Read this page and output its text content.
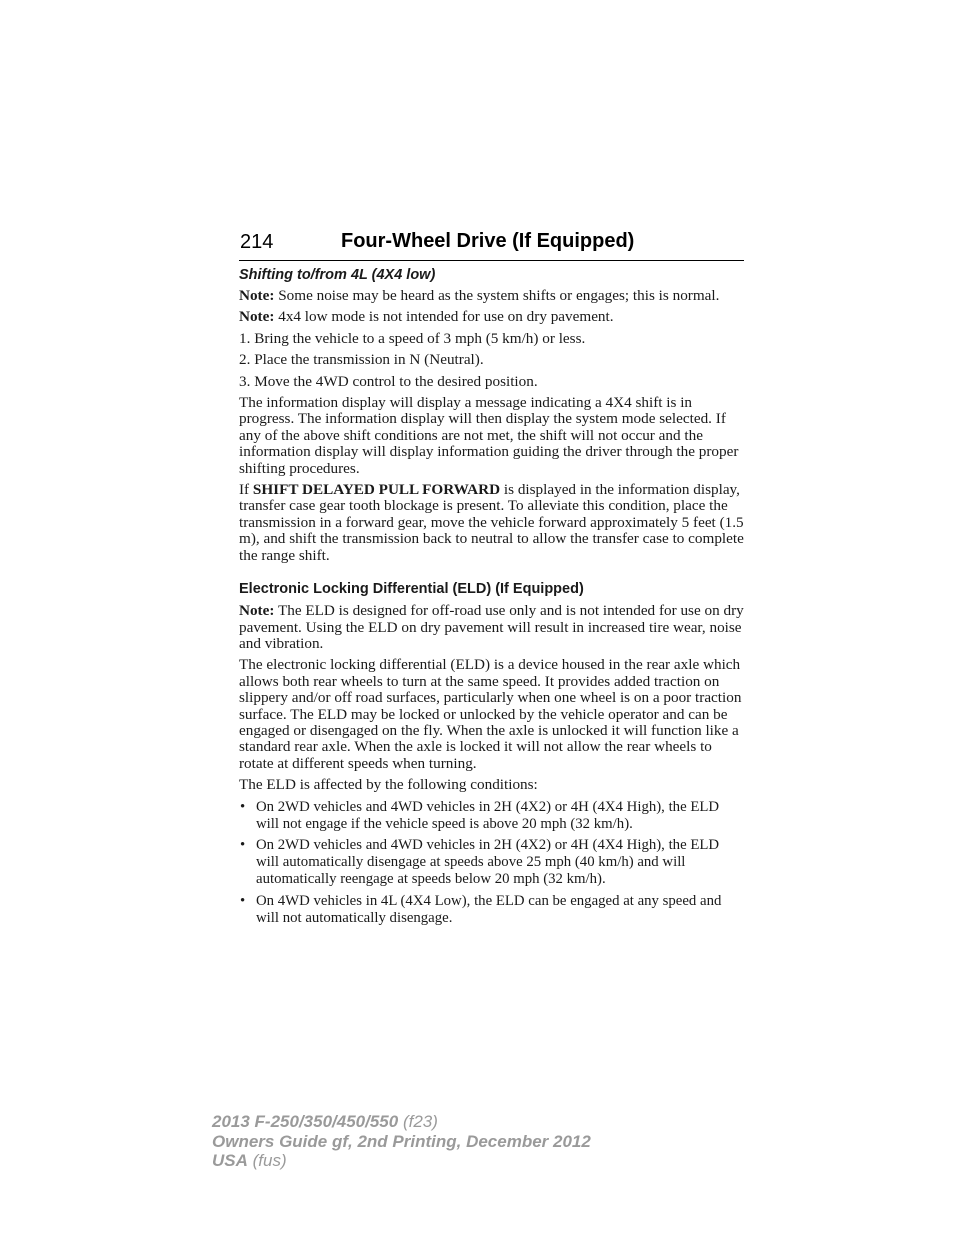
214	Four-Wheel Drive (If Equipped)
Shifting to/from 4L (4X4 low)

Note: Some noise may be heard as the system shifts or engages; this is normal.

Note: 4x4 low mode is not intended for use on dry pavement.

1. Bring the vehicle to a speed of 3 mph (5 km/h) or less.

2. Place the transmission in N (Neutral).

3. Move the 4WD control to the desired position.

The information display will display a message indicating a 4X4 shift is in progress. The information display will then display the system mode selected. If any of the above shift conditions are not met, the shift will not occur and the information display will display information guiding the driver through the proper shifting procedures.

If SHIFT DELAYED PULL FORWARD is displayed in the information display, transfer case gear tooth blockage is present. To alleviate this condition, place the transmission in a forward gear, move the vehicle forward approximately 5 feet (1.5 m), and shift the transmission back to neutral to allow the transfer case to complete the range shift.

Electronic Locking Differential (ELD) (If Equipped)

Note: The ELD is designed for off-road use only and is not intended for use on dry pavement. Using the ELD on dry pavement will result in increased tire wear, noise and vibration.

The electronic locking differential (ELD) is a device housed in the rear axle which allows both rear wheels to turn at the same speed. It provides added traction on slippery and/or off road surfaces, particularly when one wheel is on a poor traction surface. The ELD may be locked or unlocked by the vehicle operator and can be engaged or disengaged on the fly. When the axle is unlocked it will function like a standard rear axle. When the axle is locked it will not allow the rear wheels to rotate at different speeds when turning.

The ELD is affected by the following conditions:

• On 2WD vehicles and 4WD vehicles in 2H (4X2) or 4H (4X4 High), the ELD will not engage if the vehicle speed is above 20 mph (32 km/h).
• On 2WD vehicles and 4WD vehicles in 2H (4X2) or 4H (4X4 High), the ELD will automatically disengage at speeds above 25 mph (40 km/h) and will automatically reengage at speeds below 20 mph (32 km/h).
• On 4WD vehicles in 4L (4X4 Low), the ELD can be engaged at any speed and will not automatically disengage.
2013 F-250/350/450/550 (f23)
Owners Guide gf, 2nd Printing, December 2012
USA (fus)
